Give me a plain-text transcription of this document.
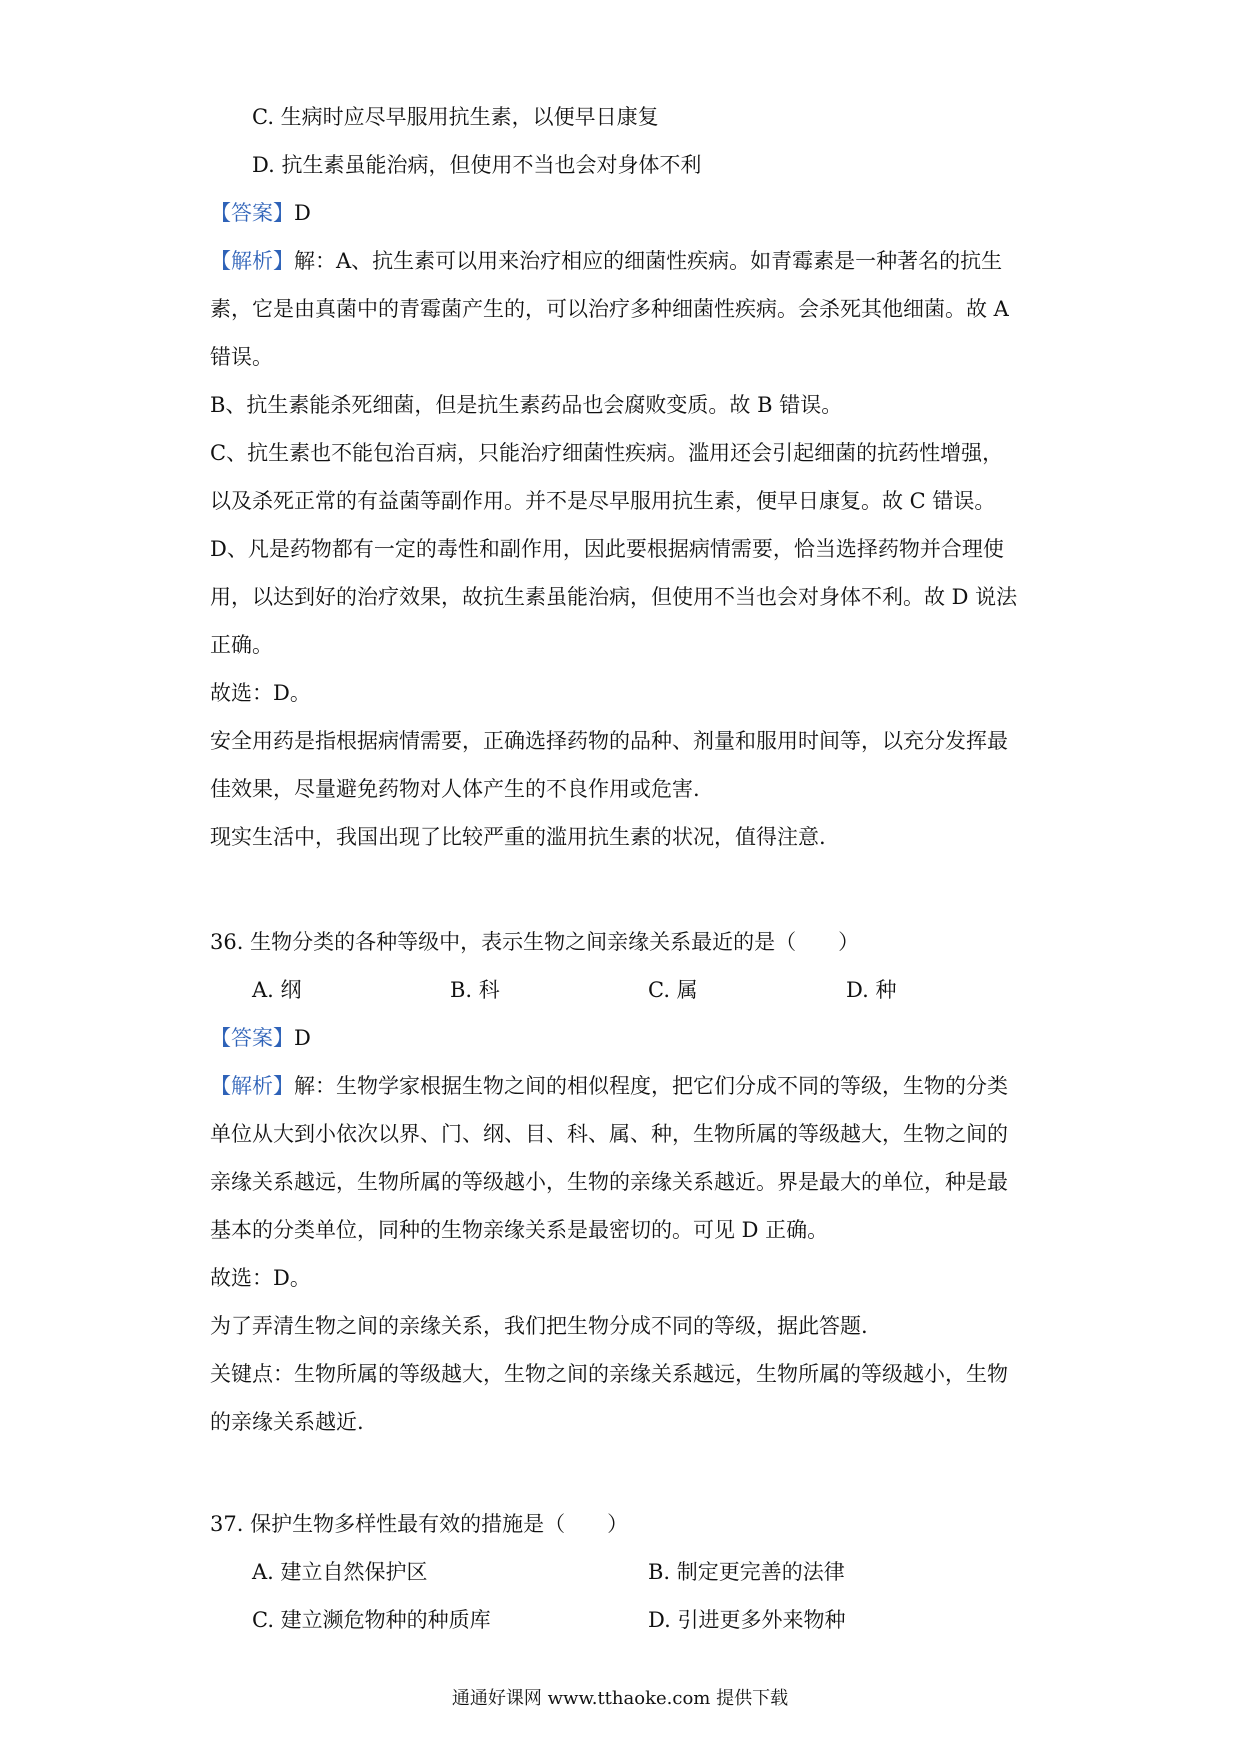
C. 生病时应尽早服用抗生素，以便早日康复
D. 抗生素虽能治病，但使用不当也会对身体不利
【答案】D
【解析】解：A、抗生素可以用来治疗相应的细菌性疾病。如青霉素是一种著名的抗生
素，它是由真菌中的青霉菌产生的，可以治疗多种细菌性疾病。会杀死其他细菌。故 A
错误。
B、抗生素能杀死细菌，但是抗生素药品也会腐败变质。故 B 错误。
C、抗生素也不能包治百病，只能治疗细菌性疾病。滥用还会引起细菌的抗药性增强，
以及杀死正常的有益菌等副作用。并不是尽早服用抗生素，便早日康复。故 C 错误。
D、凡是药物都有一定的毒性和副作用，因此要根据病情需要，恰当选择药物并合理使
用，以达到好的治疗效果，故抗生素虽能治病，但使用不当也会对身体不利。故 D 说法
正确。
故选：D。
安全用药是指根据病情需要，正确选择药物的品种、剂量和服用时间等，以充分发挥最
佳效果，尽量避免药物对人体产生的不良作用或危害.
现实生活中，我国出现了比较严重的滥用抗生素的状况，值得注意.
36. 生物分类的各种等级中，表示生物之间亲缘关系最近的是（　　）
A. 纲	B. 科	C. 属	D. 种
【答案】D
【解析】解：生物学家根据生物之间的相似程度，把它们分成不同的等级，生物的分类
单位从大到小依次以界、门、纲、目、科、属、种，生物所属的等级越大，生物之间的
亲缘关系越远，生物所属的等级越小，生物的亲缘关系越近。界是最大的单位，种是最
基本的分类单位，同种的生物亲缘关系是最密切的。可见 D 正确。
故选：D。
为了弄清生物之间的亲缘关系，我们把生物分成不同的等级，据此答题.
关键点：生物所属的等级越大，生物之间的亲缘关系越远，生物所属的等级越小，生物
的亲缘关系越近.
37. 保护生物多样性最有效的措施是（　　）
A. 建立自然保护区	B. 制定更完善的法律
C. 建立濒危物种的种质库	D. 引进更多外来物种
通通好课网 www.tthaoke.com 提供下载
